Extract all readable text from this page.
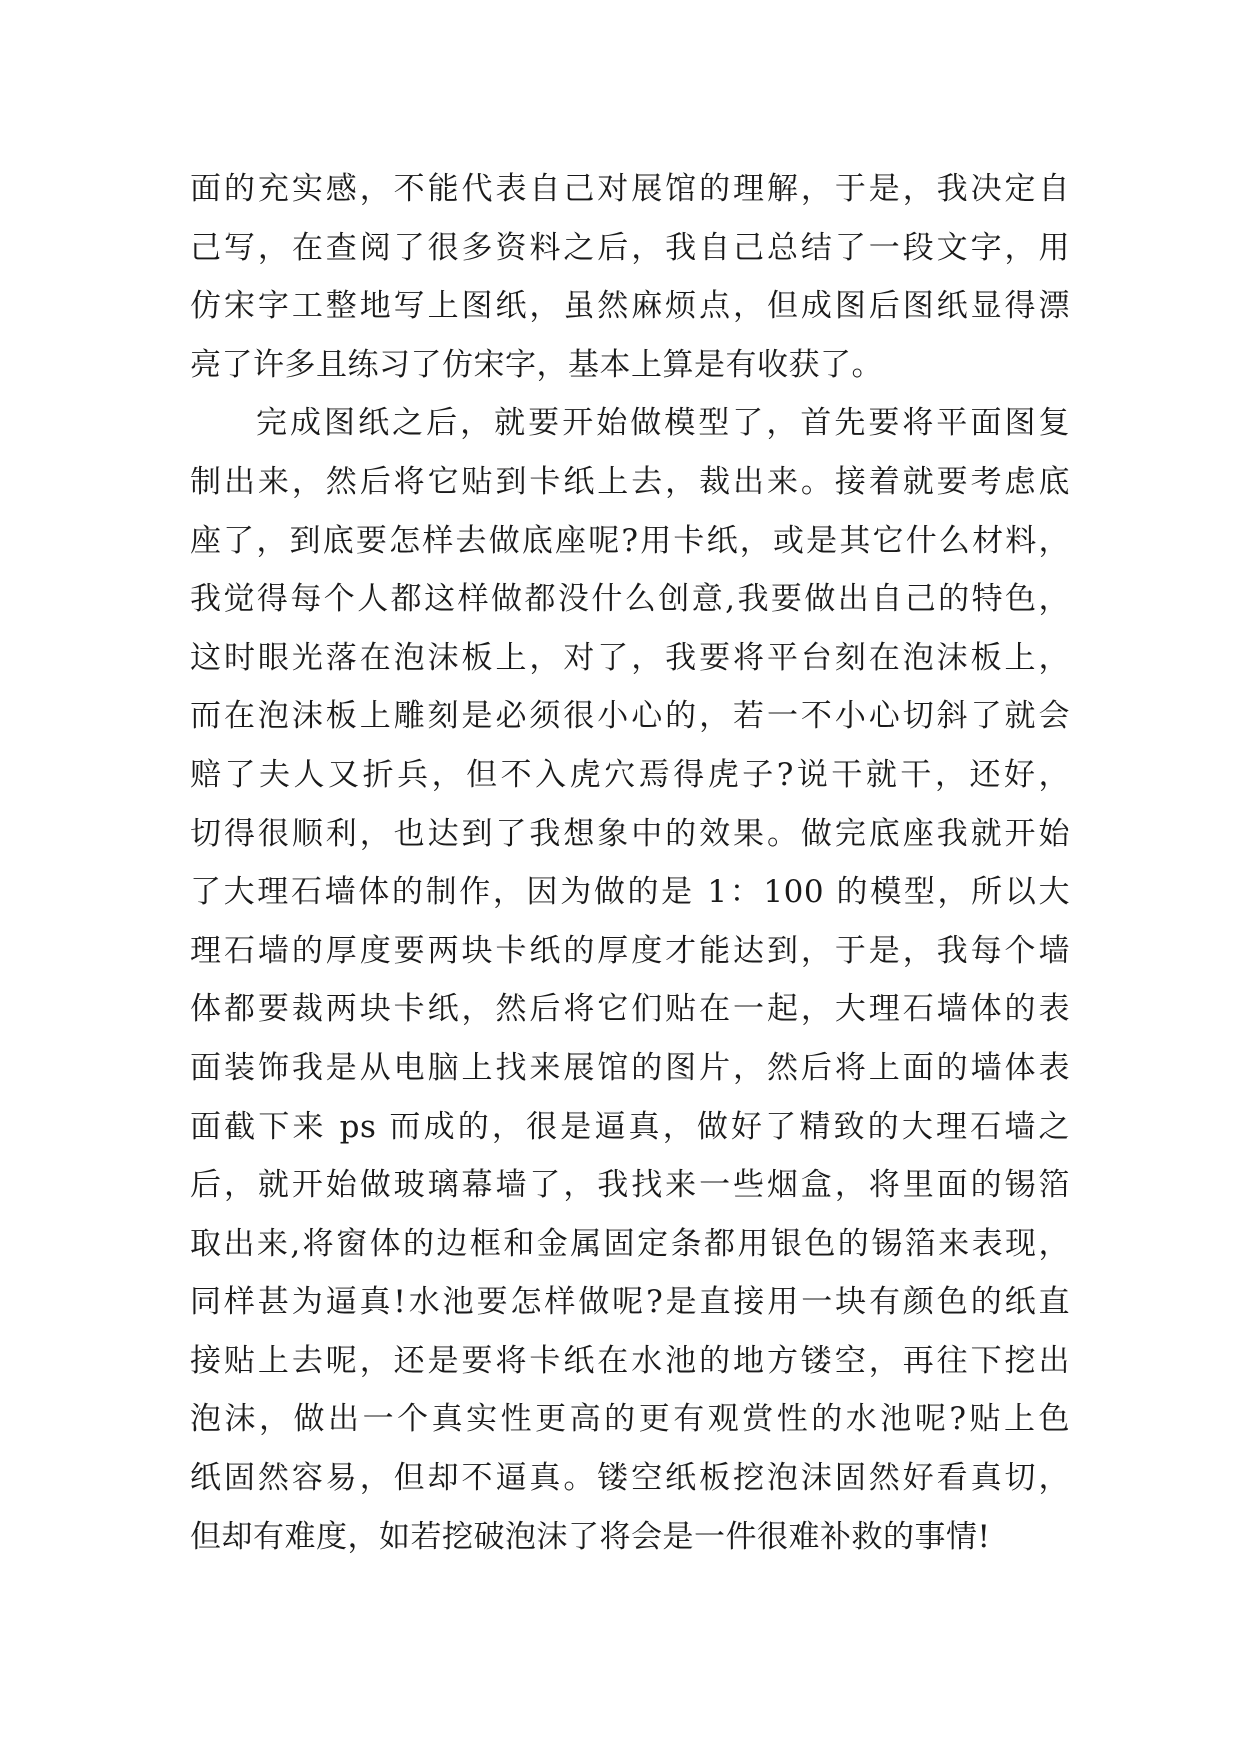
面的充实感，不能代表自己对展馆的理解，于是，我决定自
己写，在查阅了很多资料之后，我自己总结了一段文字，用
仿宋字工整地写上图纸，虽然麻烦点，但成图后图纸显得漂
亮了许多且练习了仿宋字，基本上算是有收获了。
完成图纸之后，就要开始做模型了，首先要将平面图复
制出来，然后将它贴到卡纸上去，裁出来。接着就要考虑底
座了，到底要怎样去做底座呢?用卡纸，或是其它什么材料，
我觉得每个人都这样做都没什么创意,我要做出自己的特色，
这时眼光落在泡沫板上，对了，我要将平台刻在泡沫板上，
而在泡沫板上雕刻是必须很小心的，若一不小心切斜了就会
赔了夫人又折兵，但不入虎穴焉得虎子?说干就干，还好，
切得很顺利，也达到了我想象中的效果。做完底座我就开始
了大理石墙体的制作，因为做的是 1：100 的模型，所以大
理石墙的厚度要两块卡纸的厚度才能达到，于是，我每个墙
体都要裁两块卡纸，然后将它们贴在一起，大理石墙体的表
面装饰我是从电脑上找来展馆的图片，然后将上面的墙体表
面截下来 ps 而成的，很是逼真，做好了精致的大理石墙之
后，就开始做玻璃幕墙了，我找来一些烟盒，将里面的锡箔
取出来,将窗体的边框和金属固定条都用银色的锡箔来表现，
同样甚为逼真!水池要怎样做呢?是直接用一块有颜色的纸直
接贴上去呢，还是要将卡纸在水池的地方镂空，再往下挖出
泡沫，做出一个真实性更高的更有观赏性的水池呢?贴上色
纸固然容易，但却不逼真。镂空纸板挖泡沫固然好看真切，
但却有难度，如若挖破泡沫了将会是一件很难补救的事情!
